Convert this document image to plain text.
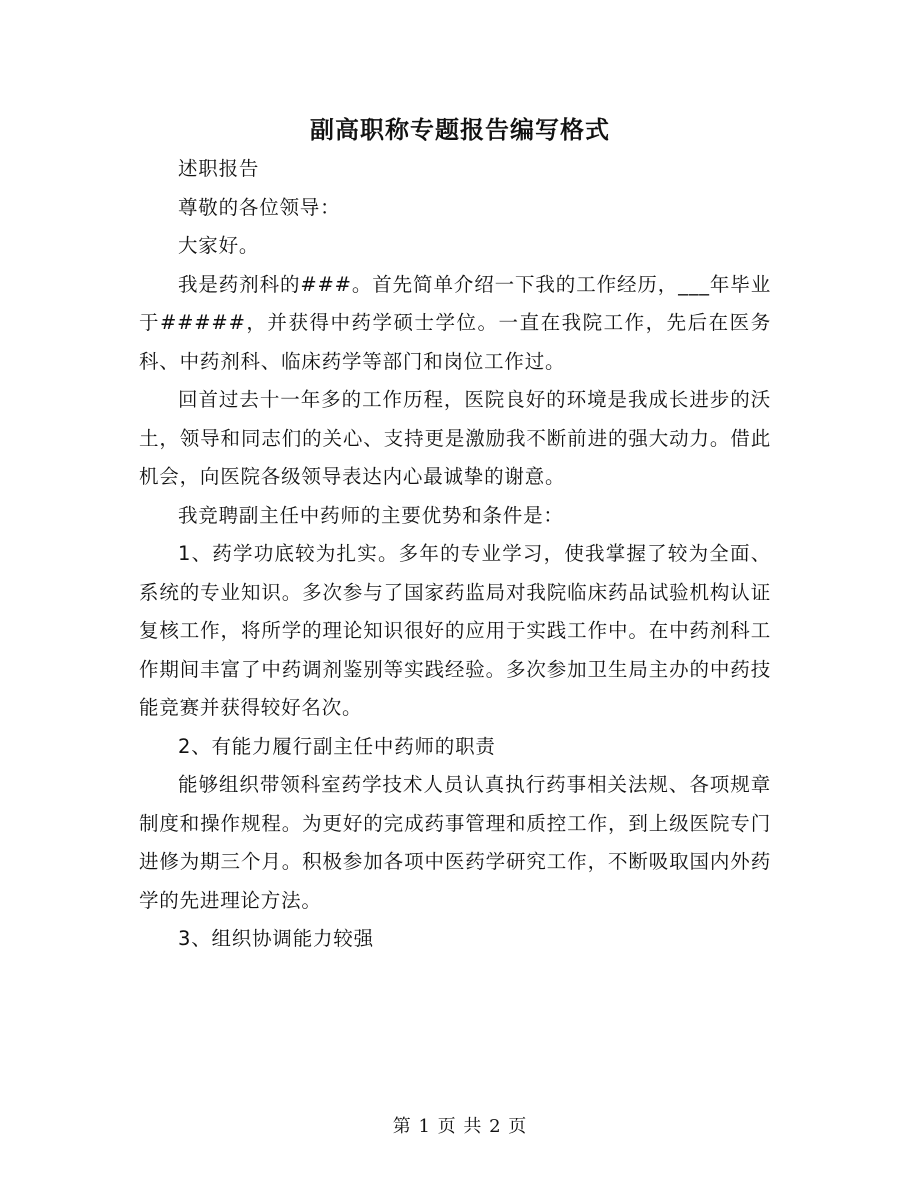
副高职称专题报告编写格式

述职报告

尊敬的各位领导：

大家好。

我是药剂科的###。首先简单介绍一下我的工作经历，___年毕业于#####，并获得中药学硕士学位。一直在我院工作，先后在医务科、中药剂科、临床药学等部门和岗位工作过。

回首过去十一年多的工作历程，医院良好的环境是我成长进步的沃土，领导和同志们的关心、支持更是激励我不断前进的强大动力。借此机会，向医院各级领导表达内心最诚挚的谢意。

我竞聘副主任中药师的主要优势和条件是：

1、药学功底较为扎实。多年的专业学习，使我掌握了较为全面、系统的专业知识。多次参与了国家药监局对我院临床药品试验机构认证复核工作，将所学的理论知识很好的应用于实践工作中。在中药剂科工作期间丰富了中药调剂鉴别等实践经验。多次参加卫生局主办的中药技能竞赛并获得较好名次。

2、有能力履行副主任中药师的职责

能够组织带领科室药学技术人员认真执行药事相关法规、各项规章制度和操作规程。为更好的完成药事管理和质控工作，到上级医院专门进修为期三个月。积极参加各项中医药学研究工作，不断吸取国内外药学的先进理论方法。

3、组织协调能力较强

第 1 页 共 2 页
